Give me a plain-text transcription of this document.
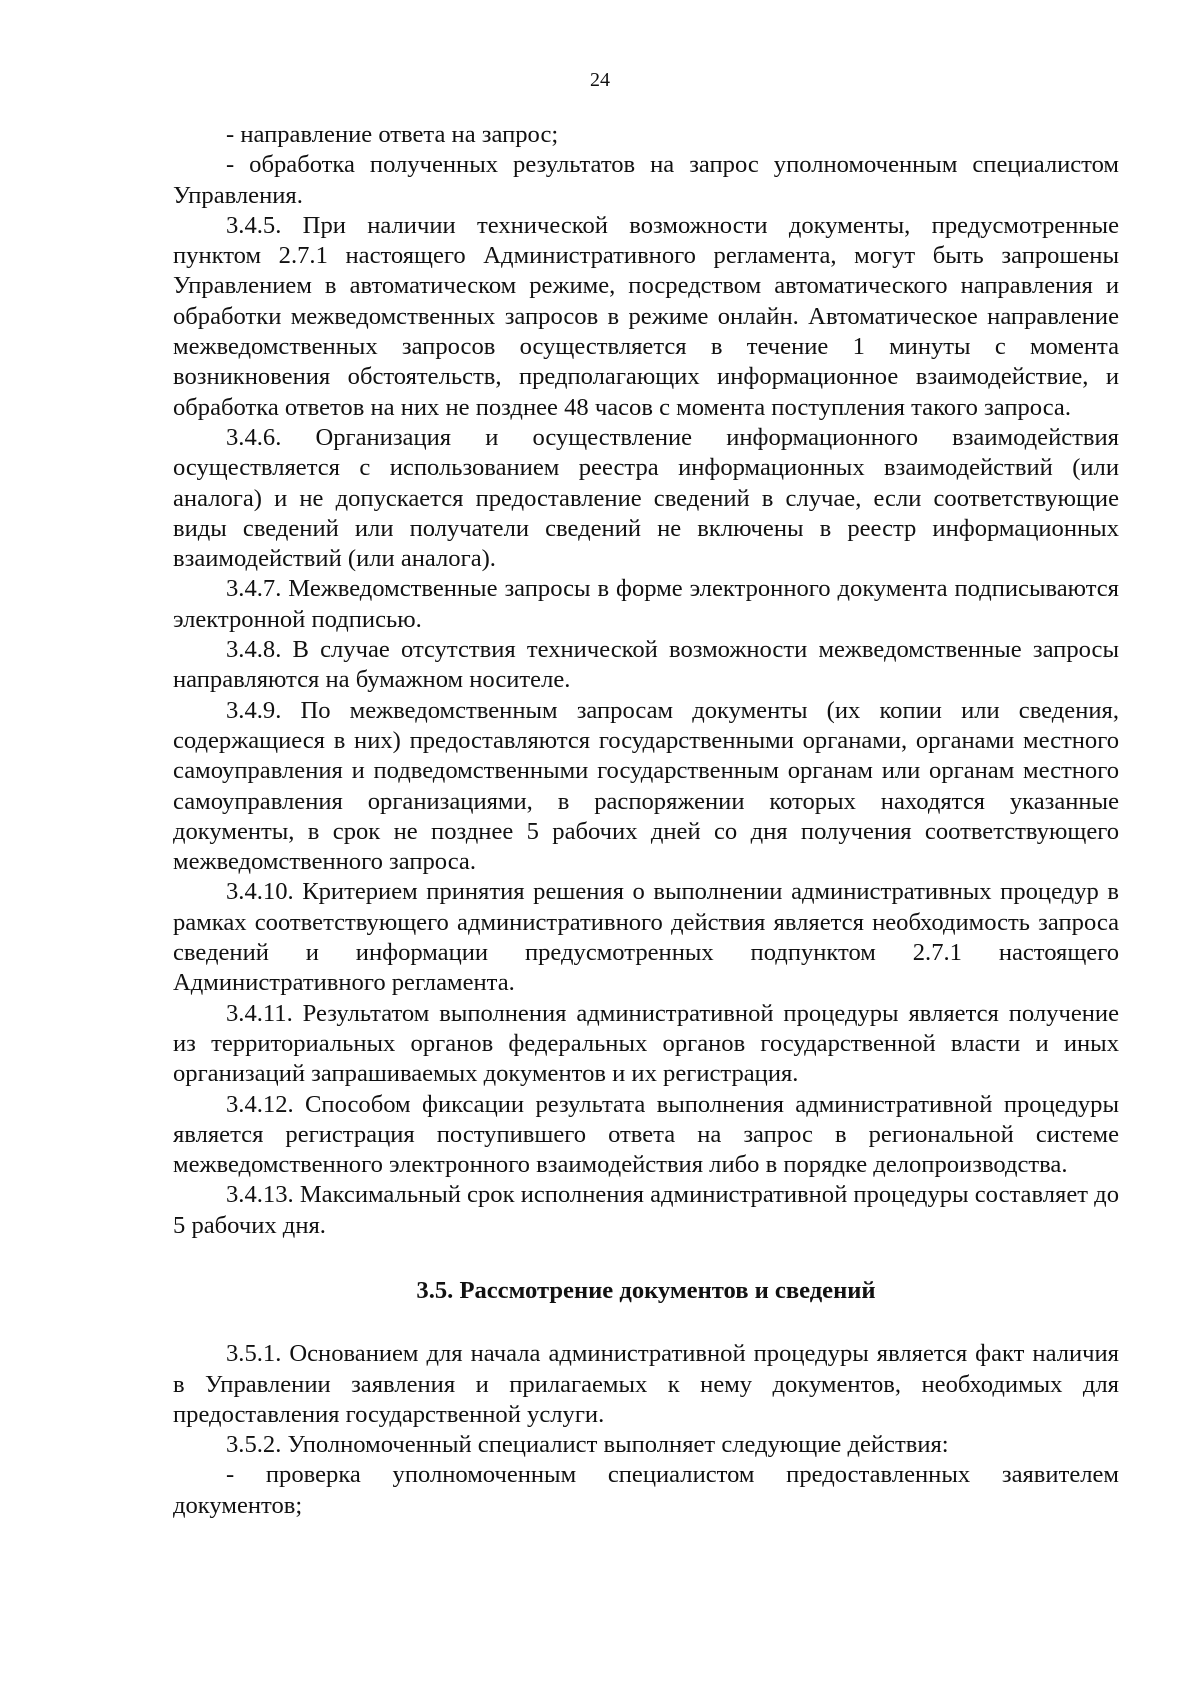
24

- направление ответа на запрос;

- обработка полученных результатов на запрос уполномоченным специалистом Управления.

3.4.5. При наличии технической возможности документы, предусмотренные пунктом 2.7.1 настоящего Административного регламента, могут быть запрошены Управлением в автоматическом режиме, посредством автоматического направления и обработки межведомственных запросов в режиме онлайн. Автоматическое направление межведомственных запросов осуществляется в течение 1 минуты с момента возникновения обстоятельств, предполагающих информационное взаимодействие, и обработка ответов на них не позднее 48 часов с момента поступления такого запроса.

3.4.6. Организация и осуществление информационного взаимодействия осуществляется с использованием реестра информационных взаимодействий (или аналога) и не допускается предоставление сведений в случае, если соответствующие виды сведений или получатели сведений не включены в реестр информационных взаимодействий (или аналога).

3.4.7. Межведомственные запросы в форме электронного документа подписываются электронной подписью.

3.4.8. В случае отсутствия технической возможности межведомственные запросы направляются на бумажном носителе.

3.4.9. По межведомственным запросам документы (их копии или сведения, содержащиеся в них) предоставляются государственными органами, органами местного самоуправления и подведомственными государственным органам или органам местного самоуправления организациями, в распоряжении которых находятся указанные документы, в срок не позднее 5 рабочих дней со дня получения соответствующего межведомственного запроса.

3.4.10. Критерием принятия решения о выполнении административных процедур в рамках соответствующего административного действия является необходимость запроса сведений и информации предусмотренных подпунктом 2.7.1 настоящего Административного регламента.

3.4.11. Результатом выполнения административной процедуры является получение из территориальных органов федеральных органов государственной власти и иных организаций запрашиваемых документов и их регистрация.

3.4.12. Способом фиксации результата выполнения административной процедуры является регистрация поступившего ответа на запрос в региональной системе межведомственного электронного взаимодействия либо в порядке делопроизводства.

3.4.13. Максимальный срок исполнения административной процедуры составляет до 5 рабочих дня.

3.5. Рассмотрение документов и сведений

3.5.1. Основанием для начала административной процедуры является факт наличия в Управлении заявления и прилагаемых к нему документов, необходимых для предоставления государственной услуги.

3.5.2. Уполномоченный специалист выполняет следующие действия:

- проверка уполномоченным специалистом предоставленных заявителем документов;
